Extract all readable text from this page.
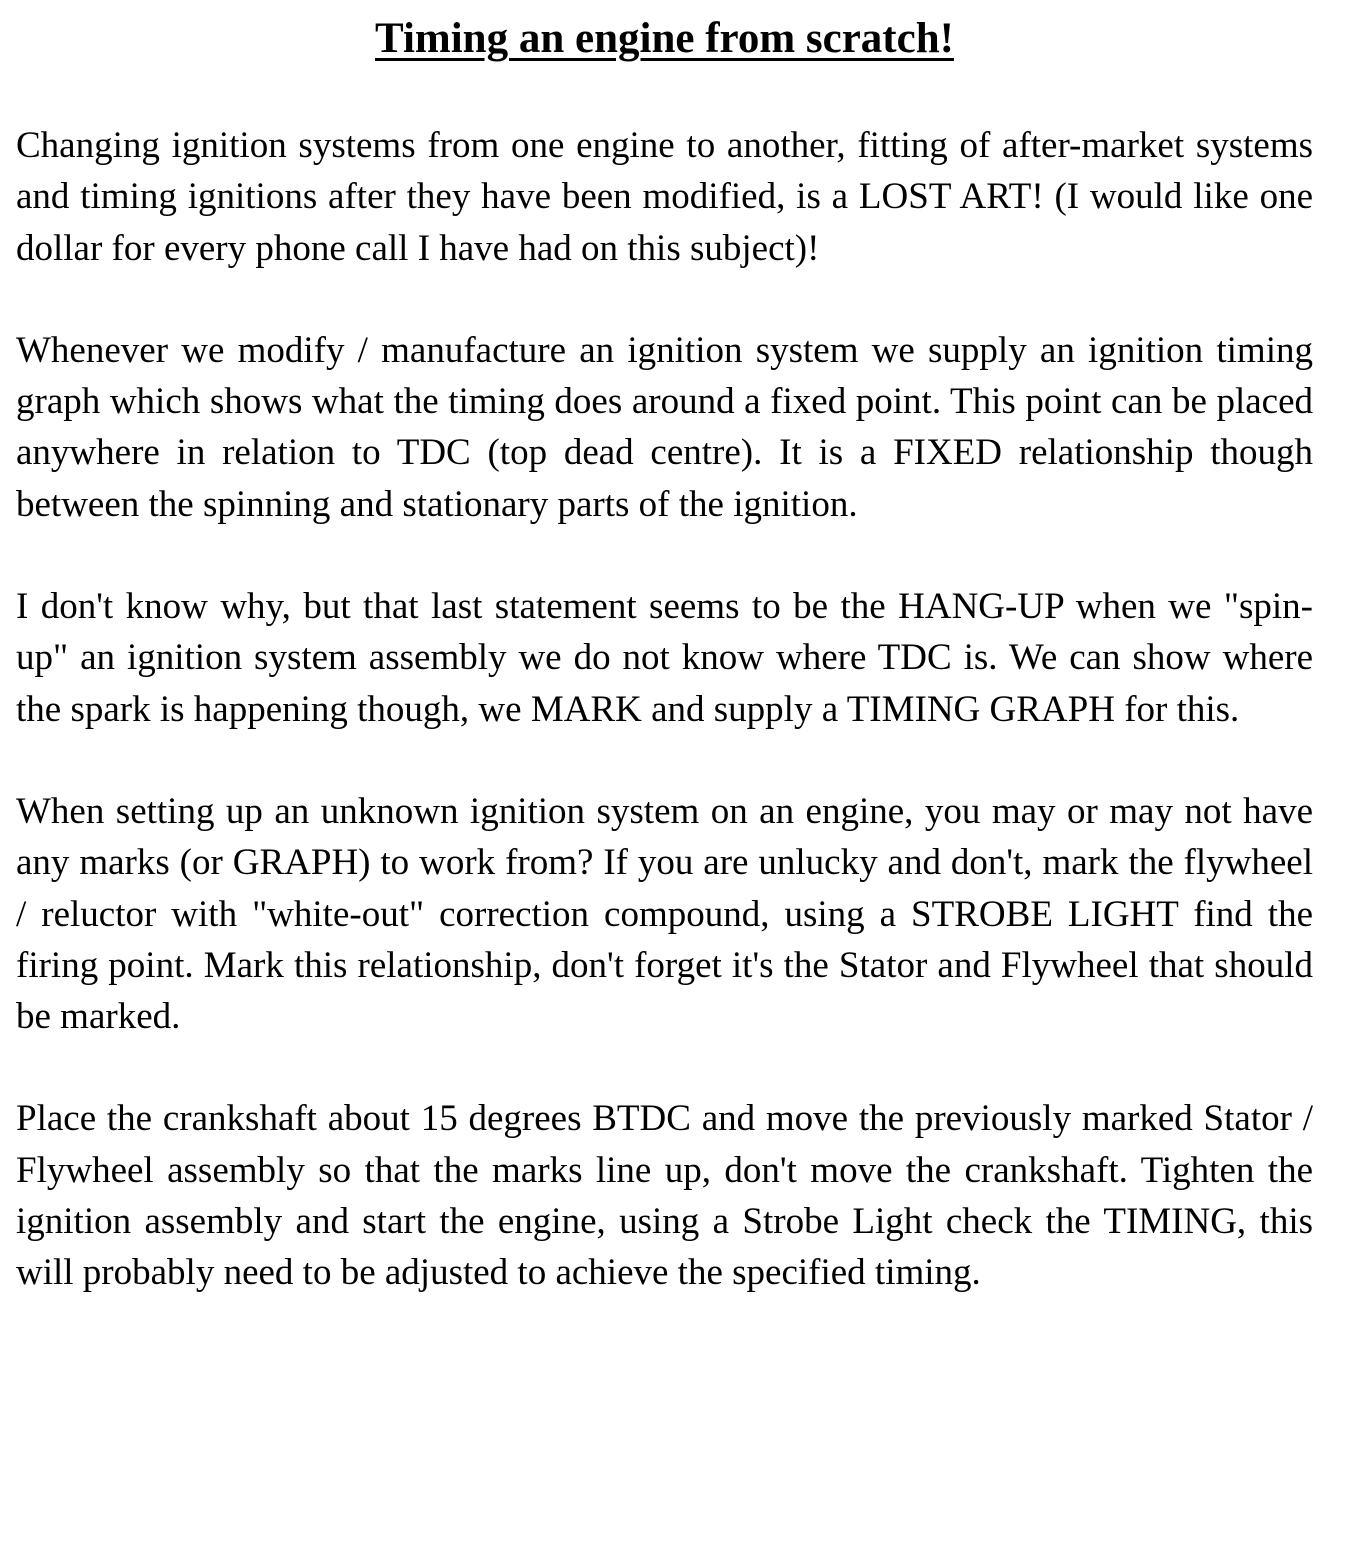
Timing an engine from scratch!

Changing ignition systems from one engine to another, fitting of after-market systems and timing ignitions after they have been modified, is a LOST ART! (I would like one dollar for every phone call I have had on this subject)!

Whenever we modify / manufacture an ignition system we supply an ignition timing graph which shows what the timing does around a fixed point. This point can be placed anywhere in relation to TDC (top dead centre). It is a FIXED relationship though between the spinning and stationary parts of the ignition.

I don't know why, but that last statement seems to be the HANG-UP when we "spin-up" an ignition system assembly we do not know where TDC is. We can show where the spark is happening though, we MARK and supply a TIMING GRAPH for this.

When setting up an unknown ignition system on an engine, you may or may not have any marks (or GRAPH) to work from? If you are unlucky and don't, mark the flywheel / reluctor with "white-out" correction compound, using a STROBE LIGHT find the firing point. Mark this relationship, don't forget it's the Stator and Flywheel that should be marked.

Place the crankshaft about 15 degrees BTDC and move the previously marked Stator / Flywheel assembly so that the marks line up, don't move the crankshaft. Tighten the ignition assembly and start the engine, using a Strobe Light check the TIMING, this will probably need to be adjusted to achieve the specified timing.
